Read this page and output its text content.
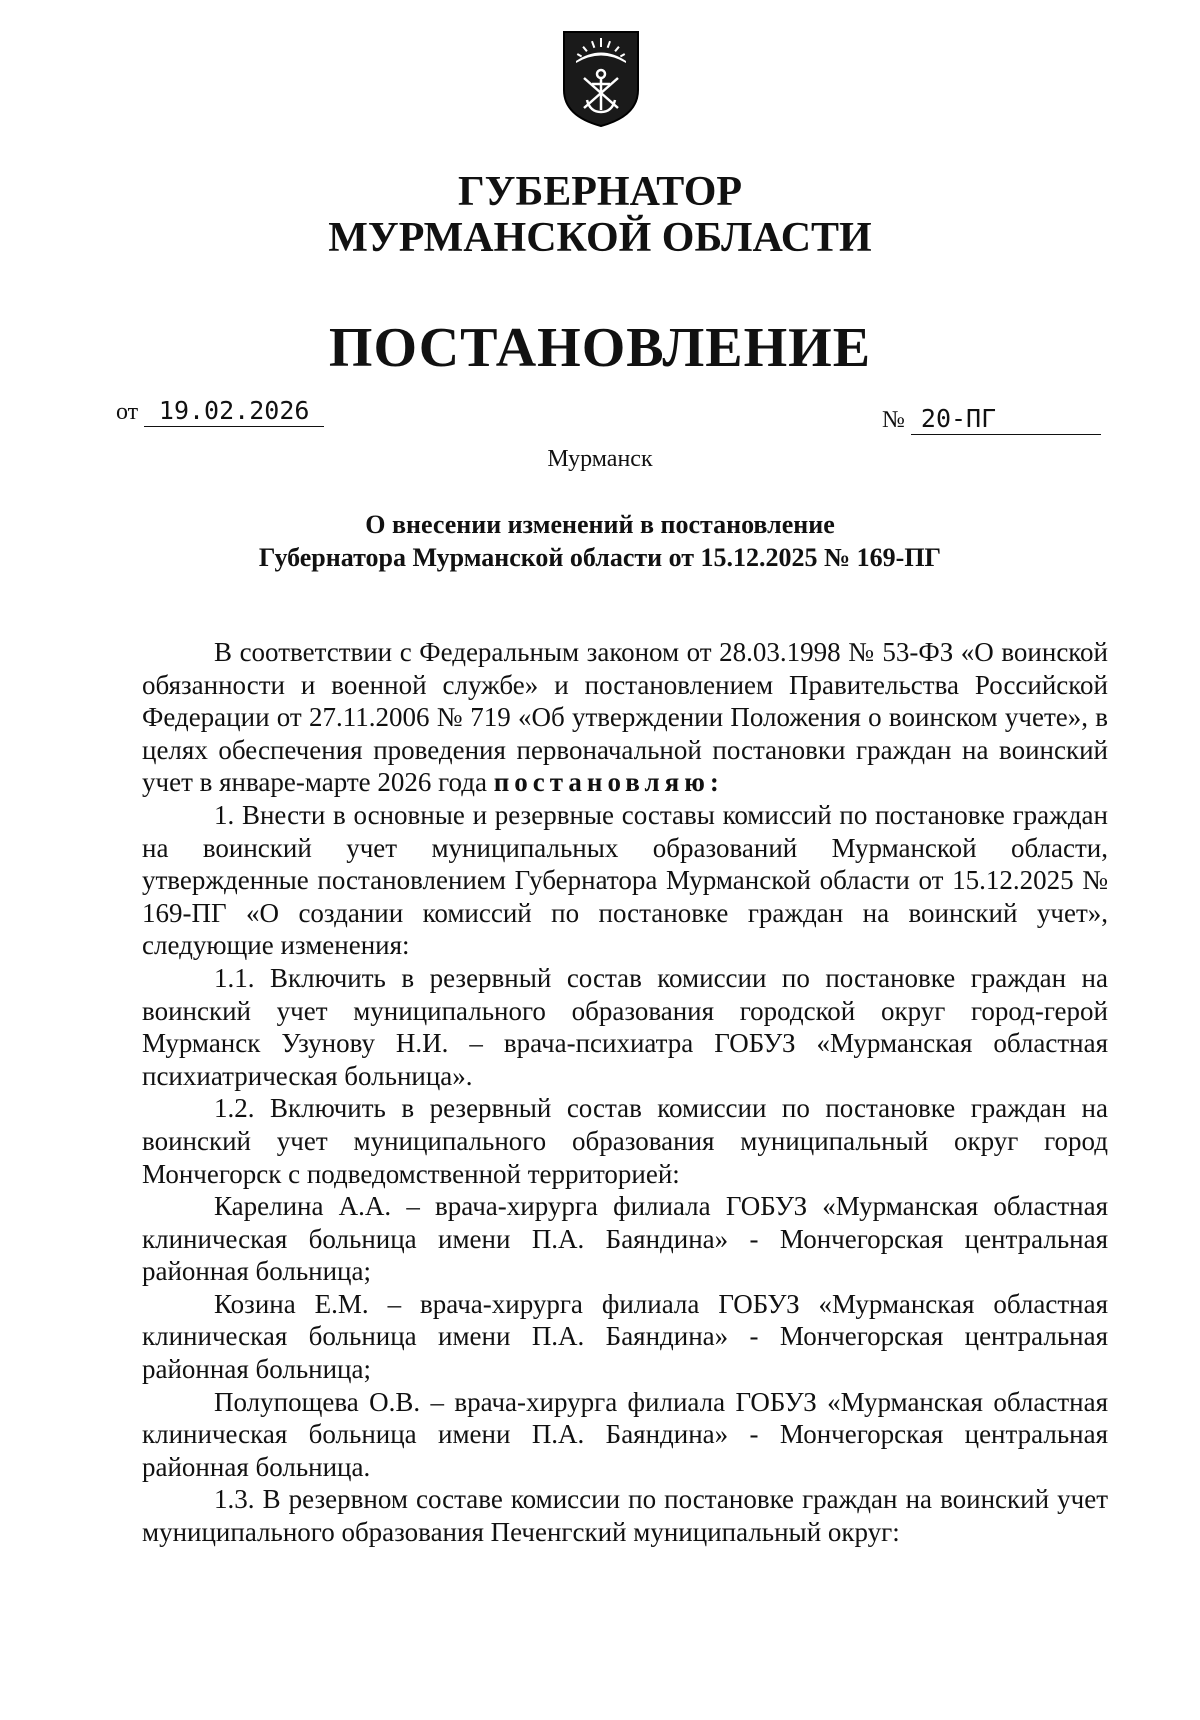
ГУБЕРНАТОР
МУРМАНСКОЙ ОБЛАСТИ
ПОСТАНОВЛЕНИЕ
от 19.02.2026	№ 20-ПГ
Мурманск
О внесении изменений в постановление
Губернатора Мурманской области от 15.12.2025 № 169-ПГ

В соответствии с Федеральным законом от 28.03.1998 № 53-ФЗ «О воинской обязанности и военной службе» и постановлением Правительства Российской Федерации от 27.11.2006 № 719 «Об утверждении Положения о воинском учете», в целях обеспечения проведения первоначальной постановки граждан на воинский учет в январе-марте 2026 года постановляю:

1. Внести в основные и резервные составы комиссий по постановке граждан на воинский учет муниципальных образований Мурманской области, утвержденные постановлением Губернатора Мурманской области от 15.12.2025 № 169-ПГ «О создании комиссий по постановке граждан на воинский учет», следующие изменения:

1.1. Включить в резервный состав комиссии по постановке граждан на воинский учет муниципального образования городской округ город-герой Мурманск Узунову Н.И. – врача-психиатра ГОБУЗ «Мурманская областная психиатрическая больница».

1.2. Включить в резервный состав комиссии по постановке граждан на воинский учет муниципального образования муниципальный округ город Мончегорск с подведомственной территорией:

Карелина А.А. – врача-хирурга филиала ГОБУЗ «Мурманская областная клиническая больница имени П.А. Баяндина» - Мончегорская центральная районная больница;

Козина Е.М. – врача-хирурга филиала ГОБУЗ «Мурманская областная клиническая больница имени П.А. Баяндина» - Мончегорская центральная районная больница;

Полупощева О.В. – врача-хирурга филиала ГОБУЗ «Мурманская областная клиническая больница имени П.А. Баяндина» - Мончегорская центральная районная больница.

1.3. В резервном составе комиссии по постановке граждан на воинский учет муниципального образования Печенгский муниципальный округ:
